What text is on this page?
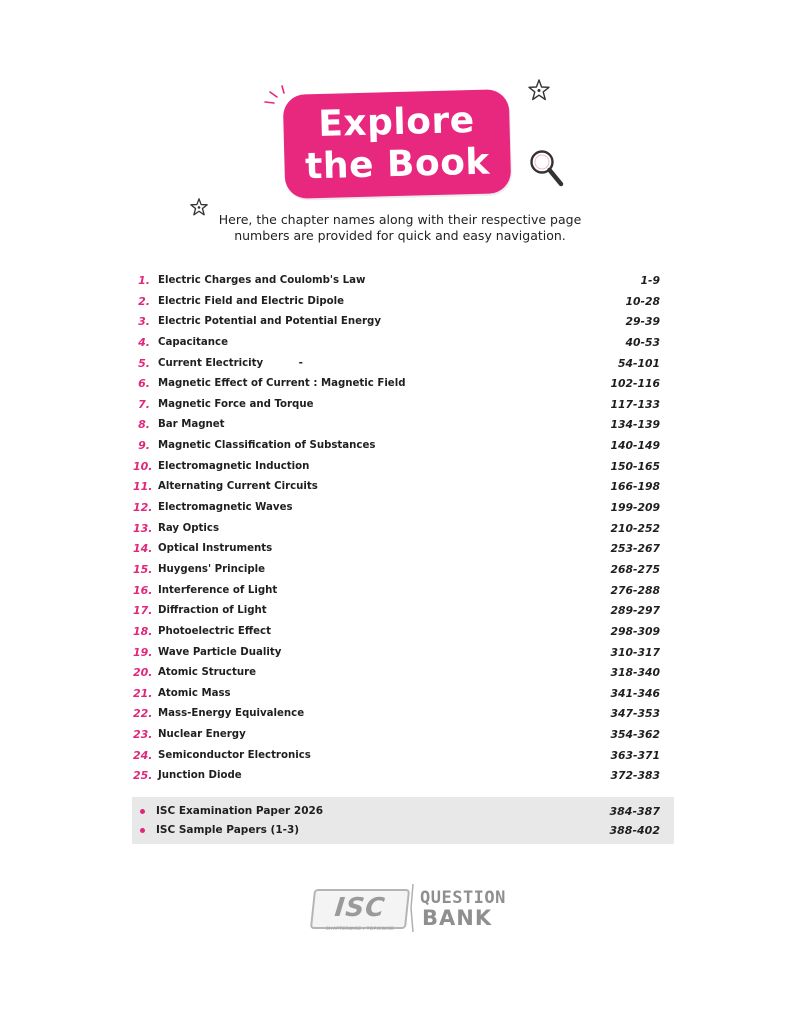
Explore
the Book
Here, the chapter names along with their respective page
numbers are provided for quick and easy navigation.
1. Electric Charges and Coulomb's Law	1-9
2. Electric Field and Electric Dipole	10-28
3. Electric Potential and Potential Energy	29-39
4. Capacitance	40-53
5. Current Electricity          -	54-101
6. Magnetic Effect of Current : Magnetic Field	102-116
7. Magnetic Force and Torque	117-133
8. Bar Magnet	134-139
9. Magnetic Classification of Substances	140-149
10. Electromagnetic Induction	150-165
11. Alternating Current Circuits	166-198
12. Electromagnetic Waves	199-209
13. Ray Optics	210-252
14. Optical Instruments	253-267
15. Huygens' Principle	268-275
16. Interference of Light	276-288
17. Diffraction of Light	289-297
18. Photoelectric Effect	298-309
19. Wave Particle Duality	310-317
20. Atomic Structure	318-340
21. Atomic Mass	341-346
22. Mass-Energy Equivalence	347-353
23. Nuclear Energy	354-362
24. Semiconductor Electronics	363-371
25. Junction Diode	372-383
ISC Examination Paper 2026	384-387
ISC Sample Papers (1-3)	388-402
ISC
CHAPTERWISE / TOPICWISE
QUESTION
BANK
